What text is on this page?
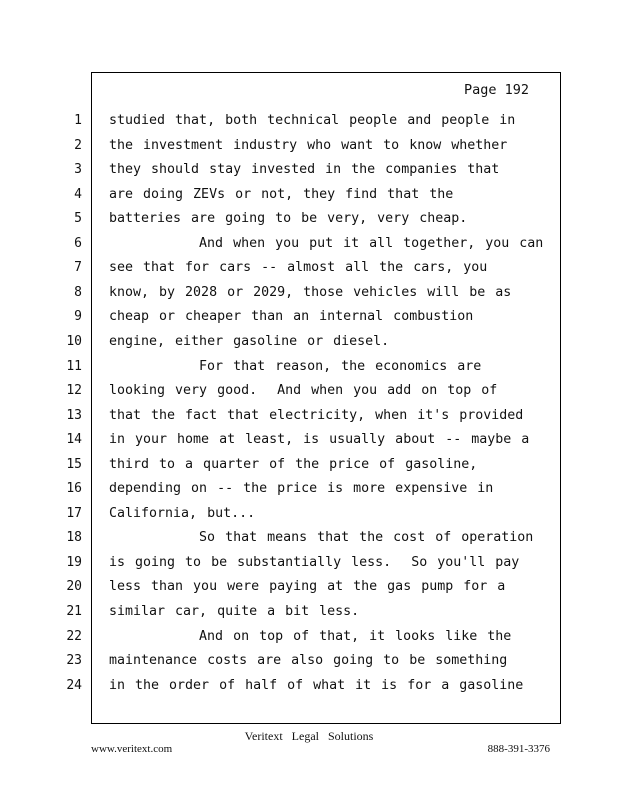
Page 192
1 studied that, both technical people and people in
2 the investment industry who want to know whether
3 they should stay invested in the companies that
4 are doing ZEVs or not, they find that the
5 batteries are going to be very, very cheap.
6 And when you put it all together, you can
7 see that for cars -- almost all the cars, you
8 know, by 2028 or 2029, those vehicles will be as
9 cheap or cheaper than an internal combustion
10 engine, either gasoline or diesel.
11 For that reason, the economics are
12 looking very good.  And when you add on top of
13 that the fact that electricity, when it's provided
14 in your home at least, is usually about -- maybe a
15 third to a quarter of the price of gasoline,
16 depending on -- the price is more expensive in
17 California, but...
18 So that means that the cost of operation
19 is going to be substantially less.  So you'll pay
20 less than you were paying at the gas pump for a
21 similar car, quite a bit less.
22 And on top of that, it looks like the
23 maintenance costs are also going to be something
24 in the order of half of what it is for a gasoline
Veritext Legal Solutions
www.veritext.com	888-391-3376
